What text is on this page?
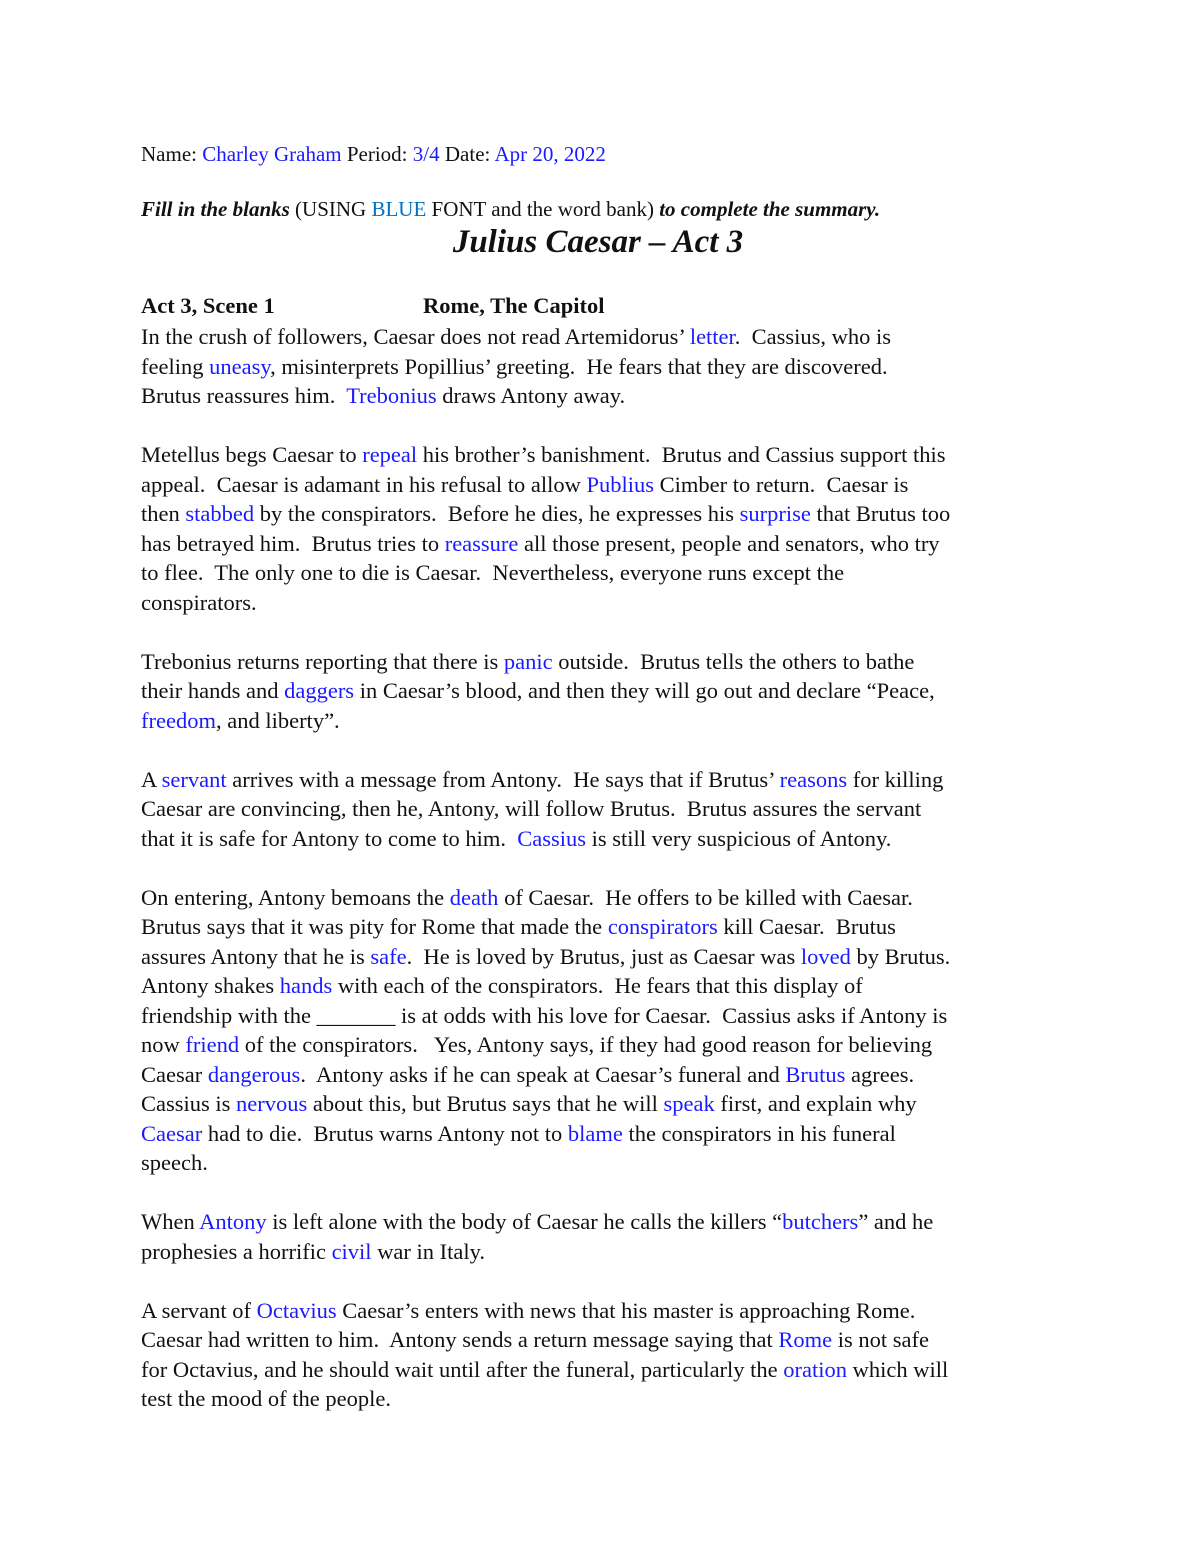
Name: Charley Graham Period: 3/4 Date: Apr 20, 2022
Fill in the blanks (USING BLUE FONT and the word bank) to complete the summary.
Julius Caesar – Act 3
Act 3, Scene 1	Rome, The Capitol
In the crush of followers, Caesar does not read Artemidorus’ letter.  Cassius, who is
feeling uneasy, misinterprets Popillius’ greeting.  He fears that they are discovered.
Brutus reassures him.  Trebonius draws Antony away.
Metellus begs Caesar to repeal his brother’s banishment.  Brutus and Cassius support this
appeal.  Caesar is adamant in his refusal to allow Publius Cimber to return.  Caesar is
then stabbed by the conspirators.  Before he dies, he expresses his surprise that Brutus too
has betrayed him.  Brutus tries to reassure all those present, people and senators, who try
to flee.  The only one to die is Caesar.  Nevertheless, everyone runs except the
conspirators.
Trebonius returns reporting that there is panic outside.  Brutus tells the others to bathe
their hands and daggers in Caesar’s blood, and then they will go out and declare “Peace,
freedom, and liberty”.
A servant arrives with a message from Antony.  He says that if Brutus’ reasons for killing
Caesar are convincing, then he, Antony, will follow Brutus.  Brutus assures the servant
that it is safe for Antony to come to him.  Cassius is still very suspicious of Antony.
On entering, Antony bemoans the death of Caesar.  He offers to be killed with Caesar.
Brutus says that it was pity for Rome that made the conspirators kill Caesar.  Brutus
assures Antony that he is safe.  He is loved by Brutus, just as Caesar was loved by Brutus.
Antony shakes hands with each of the conspirators.  He fears that this display of
friendship with the _______ is at odds with his love for Caesar.  Cassius asks if Antony is
now friend of the conspirators.   Yes, Antony says, if they had good reason for believing
Caesar dangerous.  Antony asks if he can speak at Caesar’s funeral and Brutus agrees.
Cassius is nervous about this, but Brutus says that he will speak first, and explain why
Caesar had to die.  Brutus warns Antony not to blame the conspirators in his funeral
speech.
When Antony is left alone with the body of Caesar he calls the killers “butchers” and he
prophesies a horrific civil war in Italy.
A servant of Octavius Caesar’s enters with news that his master is approaching Rome.
Caesar had written to him.  Antony sends a return message saying that Rome is not safe
for Octavius, and he should wait until after the funeral, particularly the oration which will
test the mood of the people.
